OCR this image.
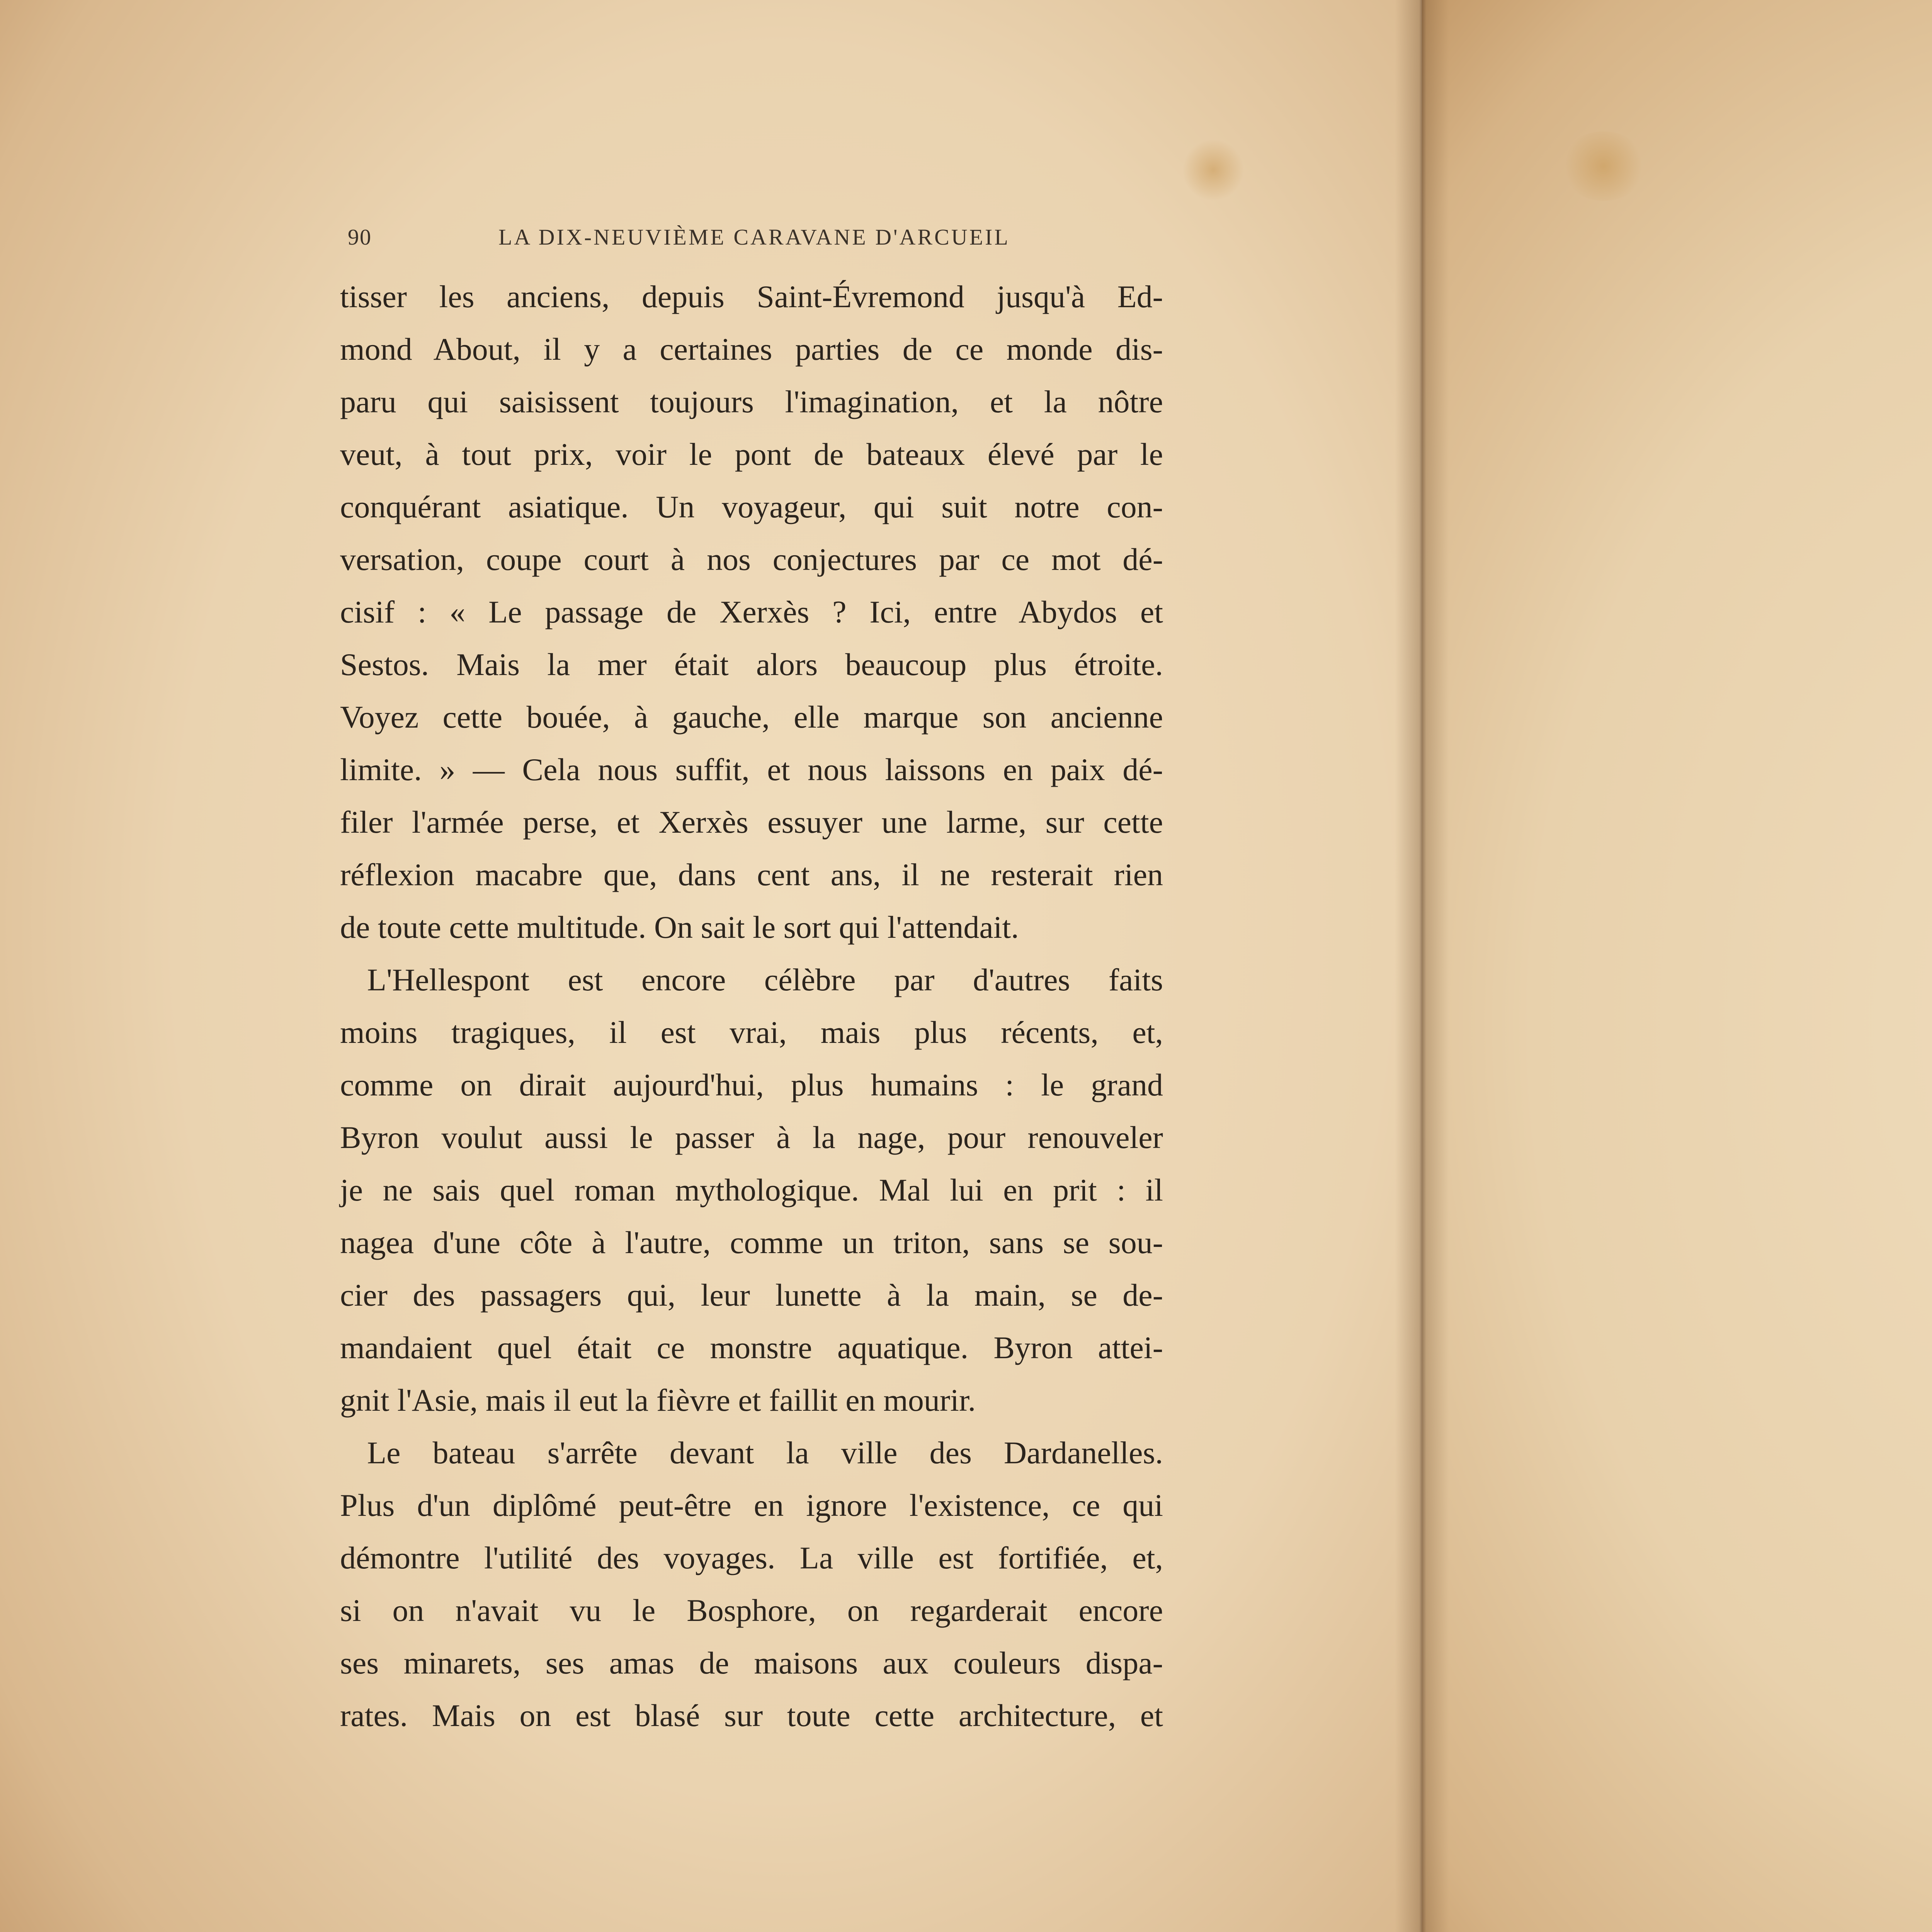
90	LA DIX-NEUVIÈME CARAVANE D'ARCUEIL
tisser les anciens, depuis Saint-Évremond jusqu'à Ed-
mond About, il y a certaines parties de ce monde dis-
paru qui saisissent toujours l'imagination, et la nôtre
veut, à tout prix, voir le pont de bateaux élevé par le
conquérant asiatique. Un voyageur, qui suit notre con-
versation, coupe court à nos conjectures par ce mot dé-
cisif : « Le passage de Xerxès ? Ici, entre Abydos et
Sestos. Mais la mer était alors beaucoup plus étroite.
Voyez cette bouée, à gauche, elle marque son ancienne
limite. » — Cela nous suffit, et nous laissons en paix dé-
filer l'armée perse, et Xerxès essuyer une larme, sur cette
réflexion macabre que, dans cent ans, il ne resterait rien
de toute cette multitude. On sait le sort qui l'attendait.
L'Hellespont est encore célèbre par d'autres faits
moins tragiques, il est vrai, mais plus récents, et,
comme on dirait aujourd'hui, plus humains : le grand
Byron voulut aussi le passer à la nage, pour renouveler
je ne sais quel roman mythologique. Mal lui en prit : il
nagea d'une côte à l'autre, comme un triton, sans se sou-
cier des passagers qui, leur lunette à la main, se de-
mandaient quel était ce monstre aquatique. Byron attei-
gnit l'Asie, mais il eut la fièvre et faillit en mourir.
Le bateau s'arrête devant la ville des Dardanelles.
Plus d'un diplômé peut-être en ignore l'existence, ce qui
démontre l'utilité des voyages. La ville est fortifiée, et,
si on n'avait vu le Bosphore, on regarderait encore
ses minarets, ses amas de maisons aux couleurs dispa-
rates. Mais on est blasé sur toute cette architecture, et
